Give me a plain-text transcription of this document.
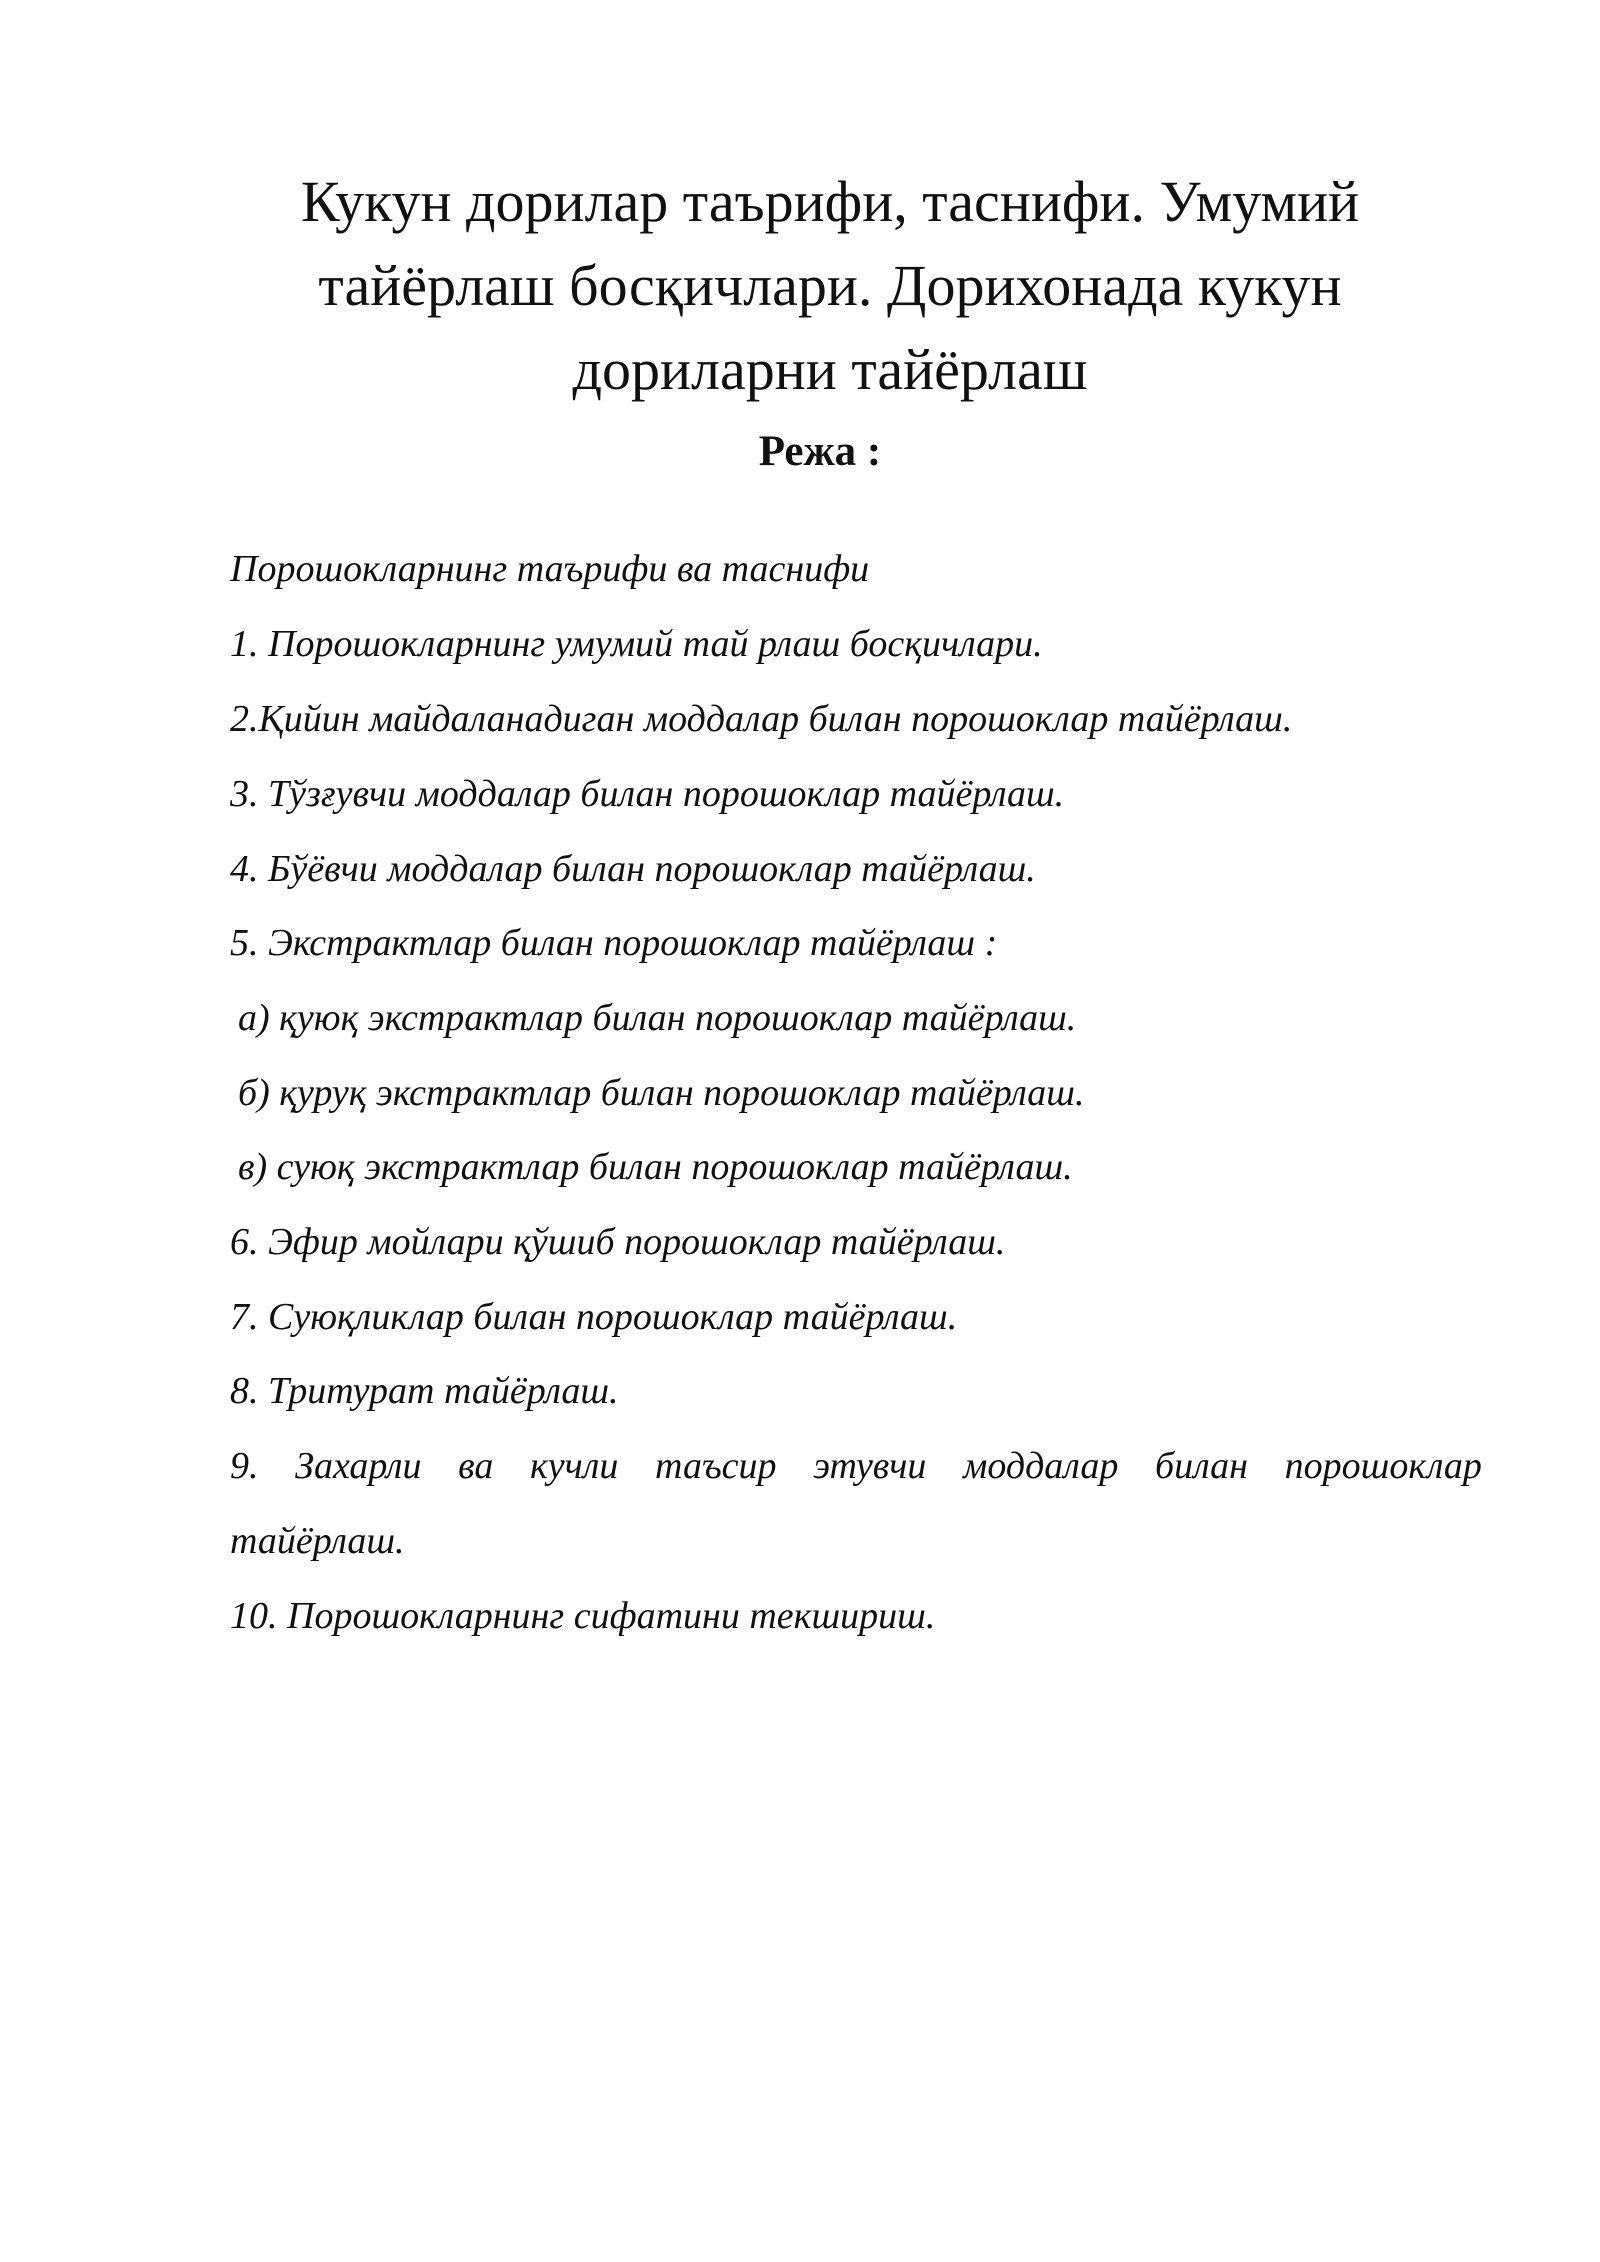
Кукун дорилар таърифи, таснифи. Умумий
тайёрлаш босқичлари. Дорихонада кукун
дориларни тайёрлаш
Режа :
Порошокларнинг таърифи ва таснифи
1. Порошокларнинг умумий тай рлаш босқичлари.
2.Қийин майдаланадиган моддалар билан порошоклар тайёрлаш.
3. Тўзғувчи моддалар билан порошоклар тайёрлаш.
4. Бўёвчи моддалар билан порошоклар тайёрлаш.
5. Экстрактлар билан порошоклар тайёрлаш :
а) қуюқ экстрактлар билан порошоклар тайёрлаш.
б) қуруқ экстрактлар билан порошоклар тайёрлаш.
в) суюқ экстрактлар билан порошоклар тайёрлаш.
6. Эфир мойлари қўшиб порошоклар тайёрлаш.
7. Суюқликлар билан порошоклар тайёрлаш.
8. Тритурат тайёрлаш.
9. Захарли ва кучли таъсир этувчи моддалар билан порошоклар
тайёрлаш.
10. Порошокларнинг сифатини текшириш.
